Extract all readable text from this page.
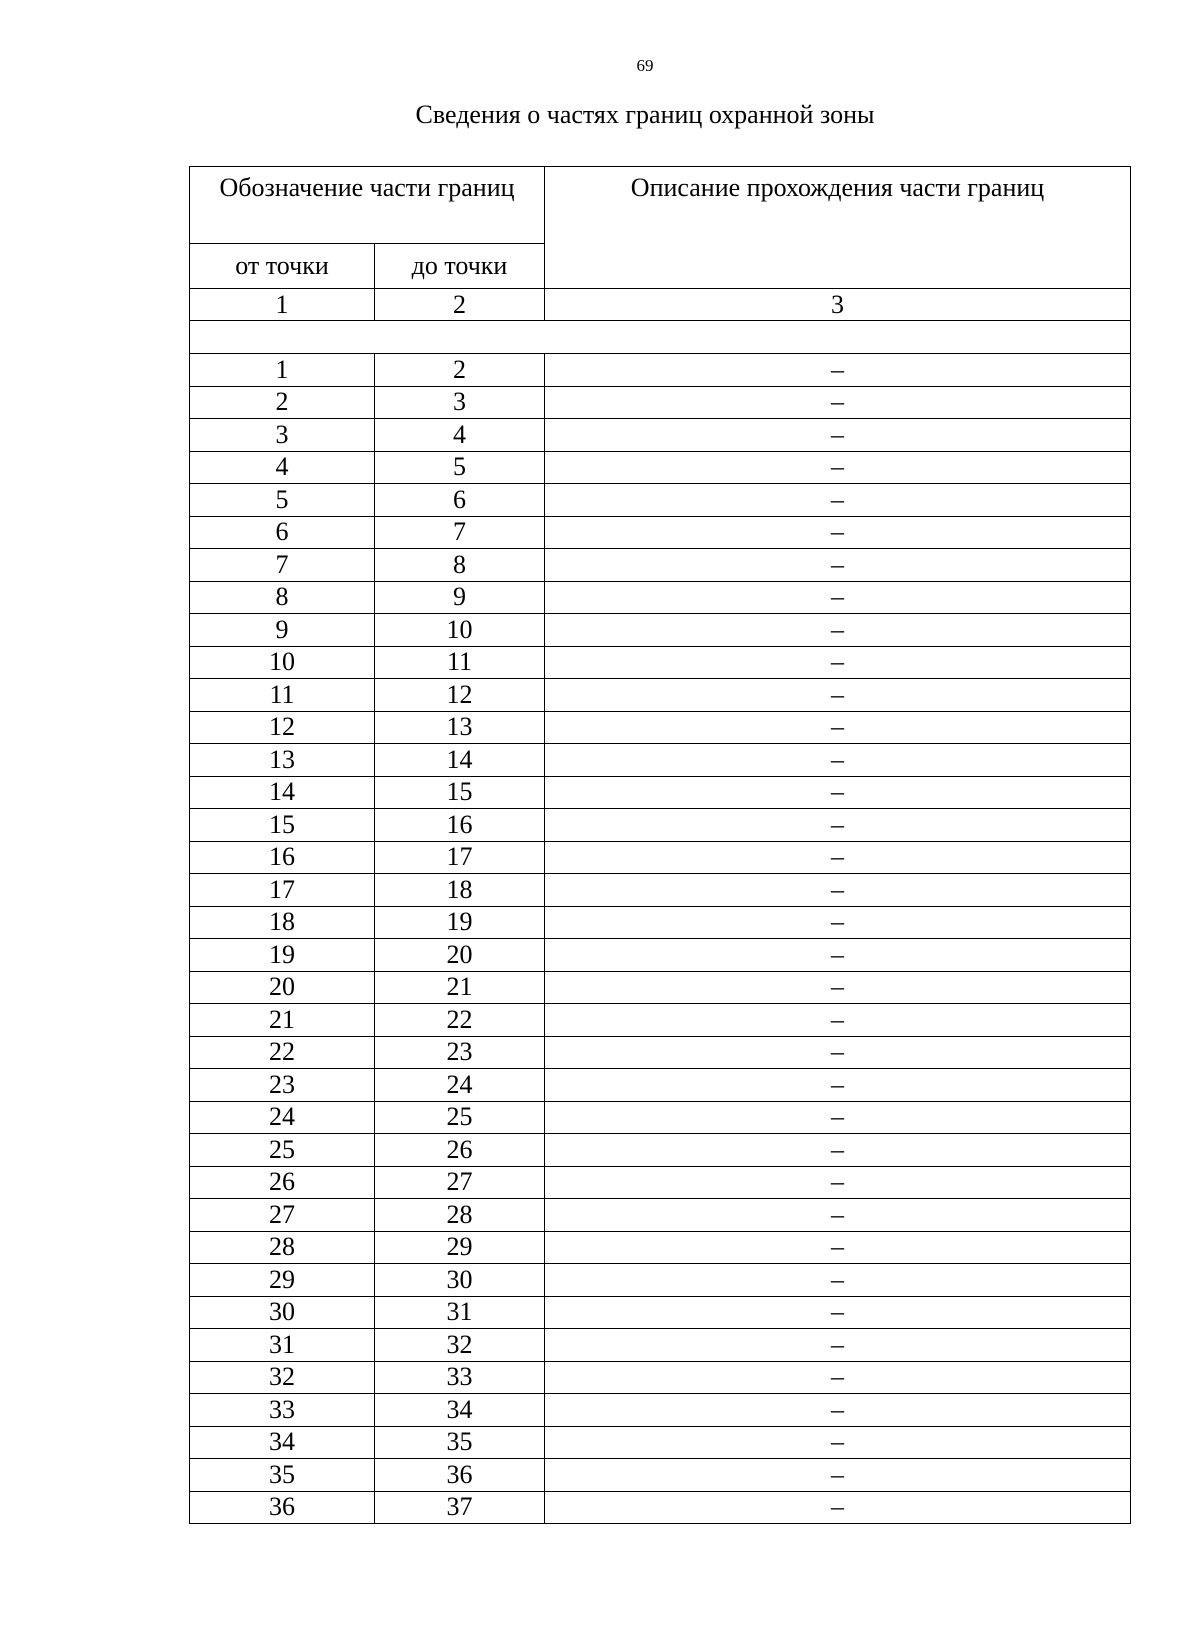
69
Сведения о частях границ охранной зоны
Обозначение части границ		Описание прохождения части границ
от точки	до точки	
1	2	3

1	2	–
2	3	–
3	4	–
4	5	–
5	6	–
6	7	–
7	8	–
8	9	–
9	10	–
10	11	–
11	12	–
12	13	–
13	14	–
14	15	–
15	16	–
16	17	–
17	18	–
18	19	–
19	20	–
20	21	–
21	22	–
22	23	–
23	24	–
24	25	–
25	26	–
26	27	–
27	28	–
28	29	–
29	30	–
30	31	–
31	32	–
32	33	–
33	34	–
34	35	–
35	36	–
36	37	–
